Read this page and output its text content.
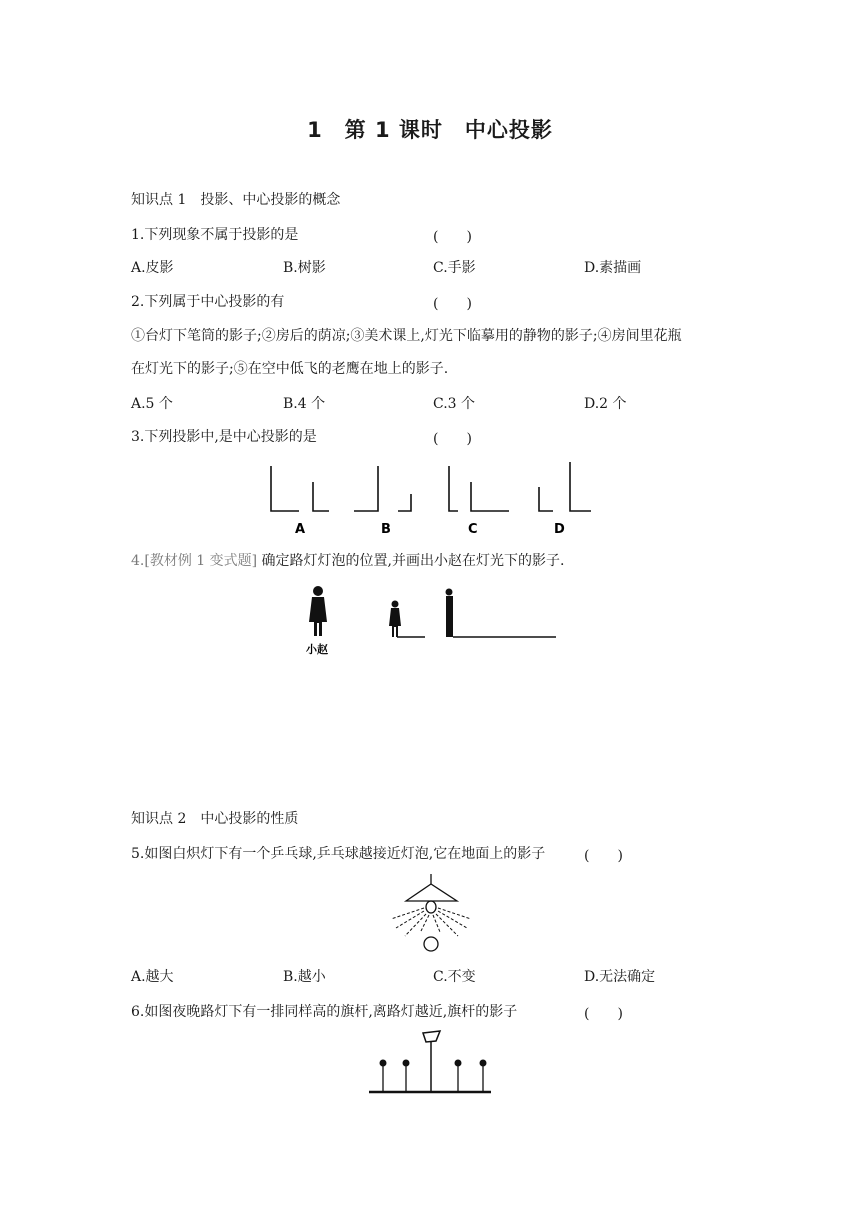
1　第 1 课时　中心投影
知识点 1　投影、中心投影的概念
1.下列现象不属于投影的是	(　　)
A.皮影	B.树影	C.手影	D.素描画
2.下列属于中心投影的有	(　　)
①台灯下笔筒的影子;②房后的荫凉;③美术课上,灯光下临摹用的静物的影子;④房间里花瓶
在灯光下的影子;⑤在空中低飞的老鹰在地上的影子.
A.5 个	B.4 个	C.3 个	D.2 个
3.下列投影中,是中心投影的是	(　　)
A	B	C	D
小赵
4.[教材例 1 变式题] 确定路灯灯泡的位置,并画出小赵在灯光下的影子.
知识点 2　中心投影的性质
5.如图白炽灯下有一个乒乓球,乒乓球越接近灯泡,它在地面上的影子	(　　)
A.越大	B.越小	C.不变	D.无法确定
6.如图夜晚路灯下有一排同样高的旗杆,离路灯越近,旗杆的影子	(　　)
